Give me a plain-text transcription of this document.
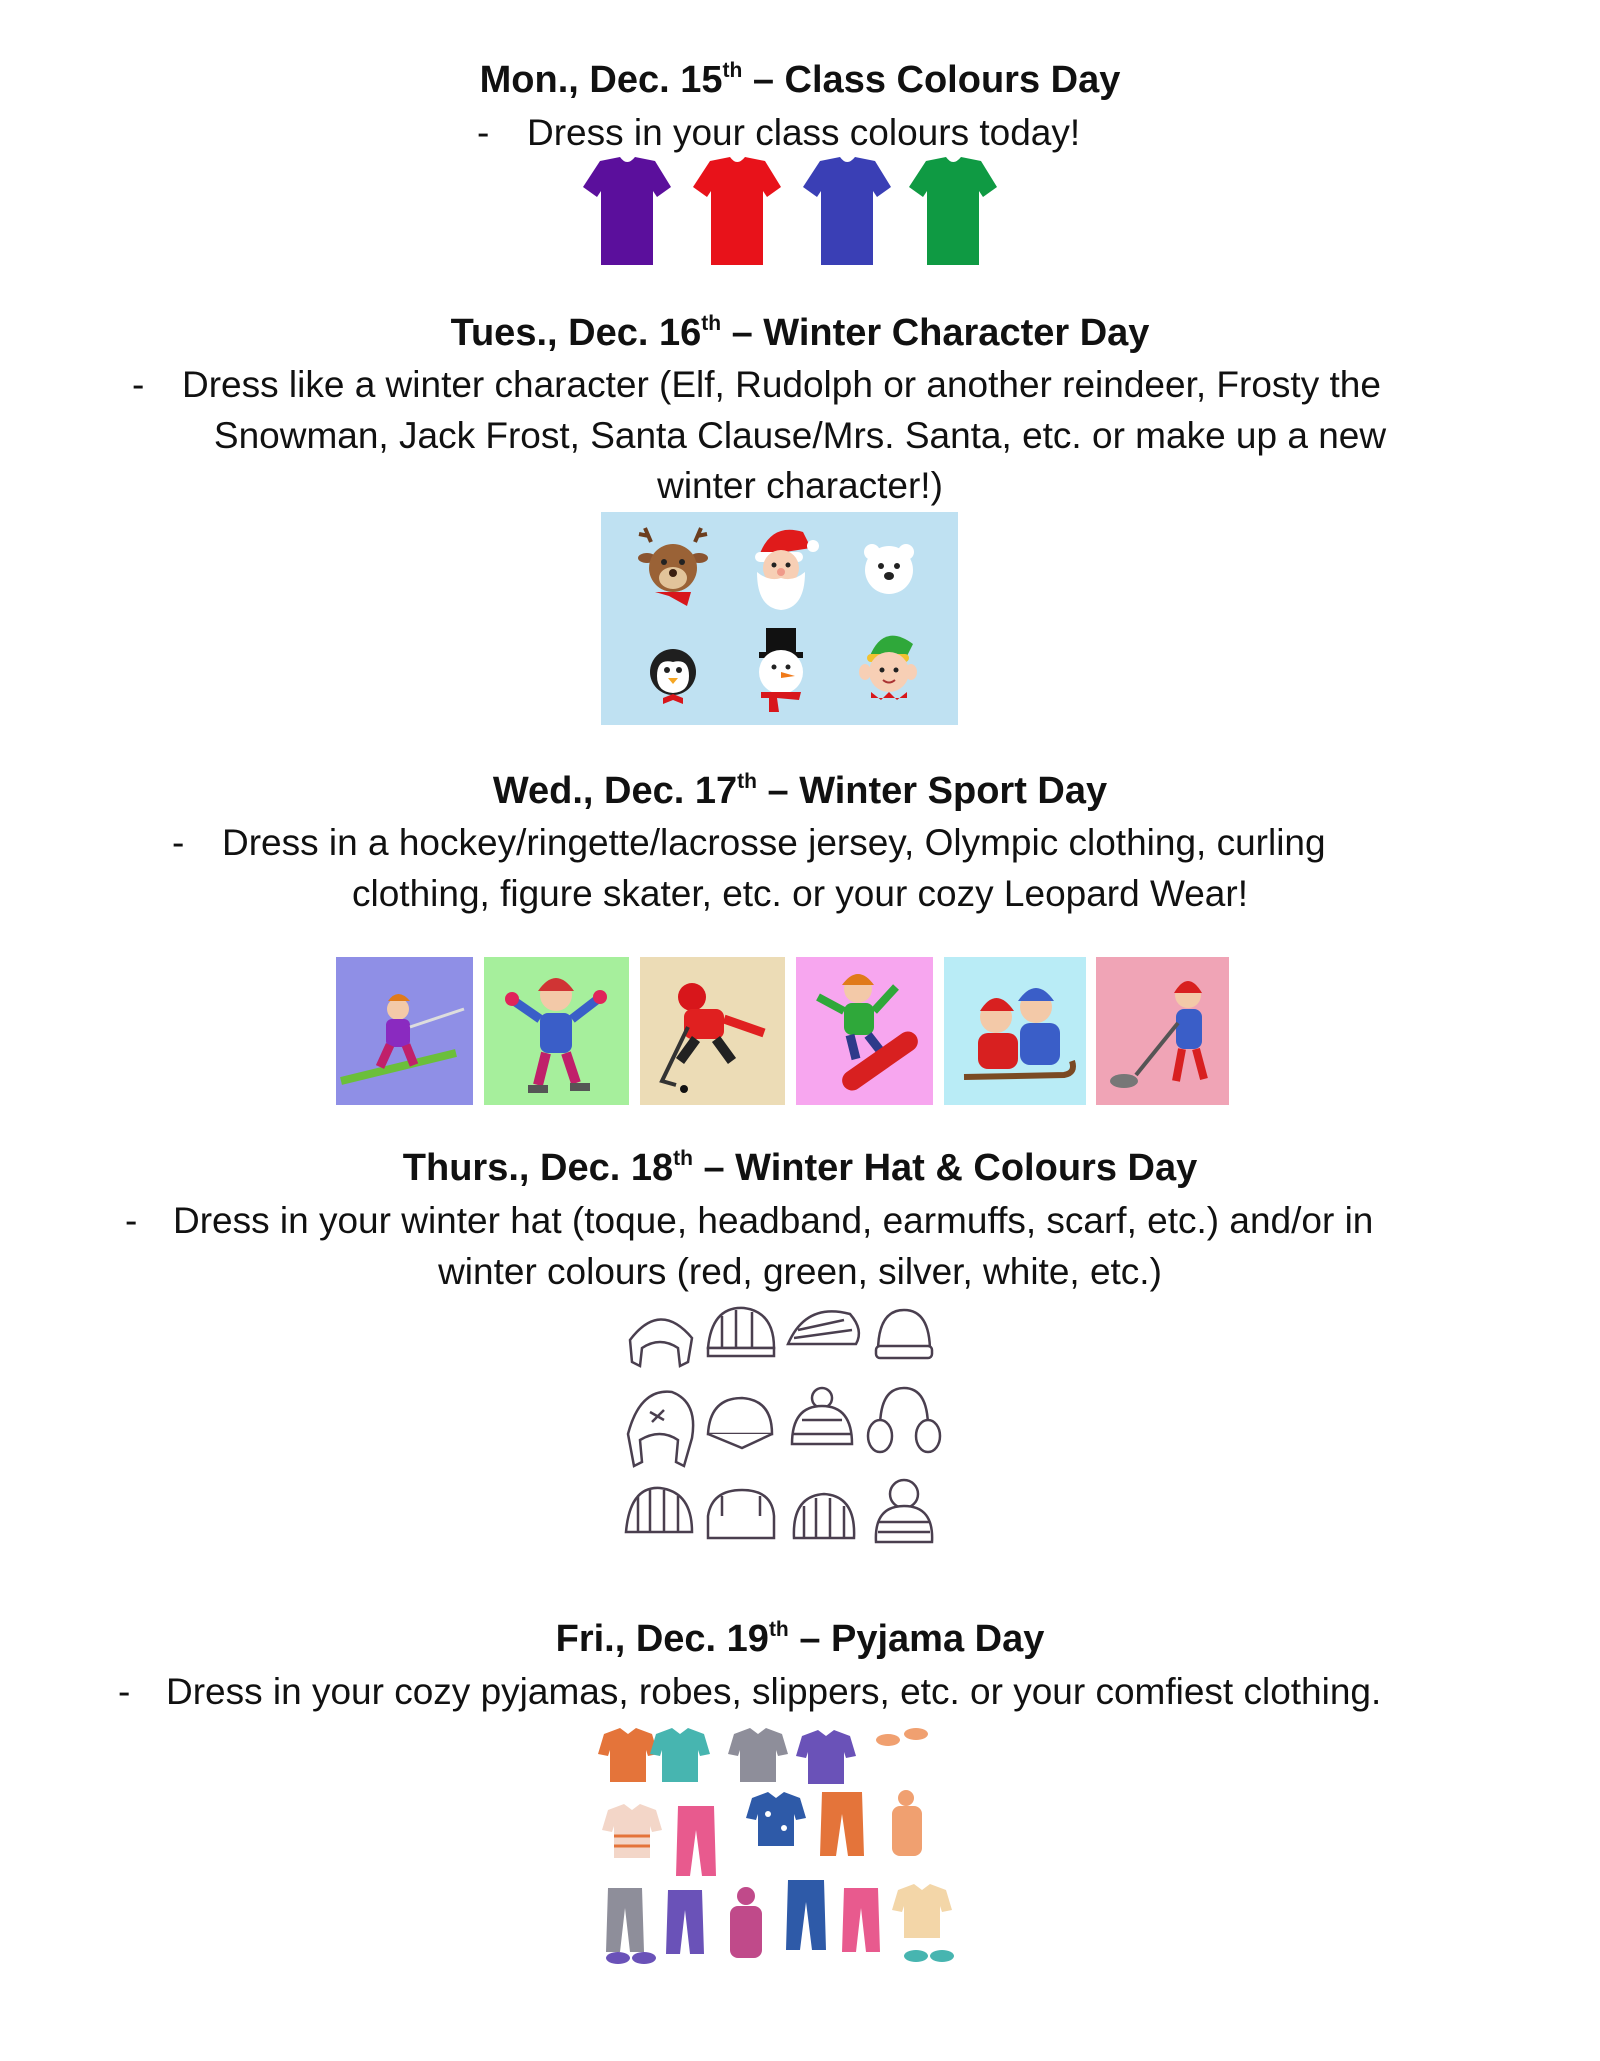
Mon., Dec. 15th – Class Colours Day
- Dress in your class colours today!
Tues., Dec. 16th – Winter Character Day
- Dress like a winter character (Elf, Rudolph or another reindeer, Frosty the
Snowman, Jack Frost, Santa Clause/Mrs. Santa, etc. or make up a new
winter character!)
Wed., Dec. 17th – Winter Sport Day
- Dress in a hockey/ringette/lacrosse jersey, Olympic clothing, curling
clothing, figure skater, etc. or your cozy Leopard Wear!
Thurs., Dec. 18th – Winter Hat & Colours Day
- Dress in your winter hat (toque, headband, earmuffs, scarf, etc.) and/or in
winter colours (red, green, silver, white, etc.)
Fri., Dec. 19th – Pyjama Day
- Dress in your cozy pyjamas, robes, slippers, etc. or your comfiest clothing.
